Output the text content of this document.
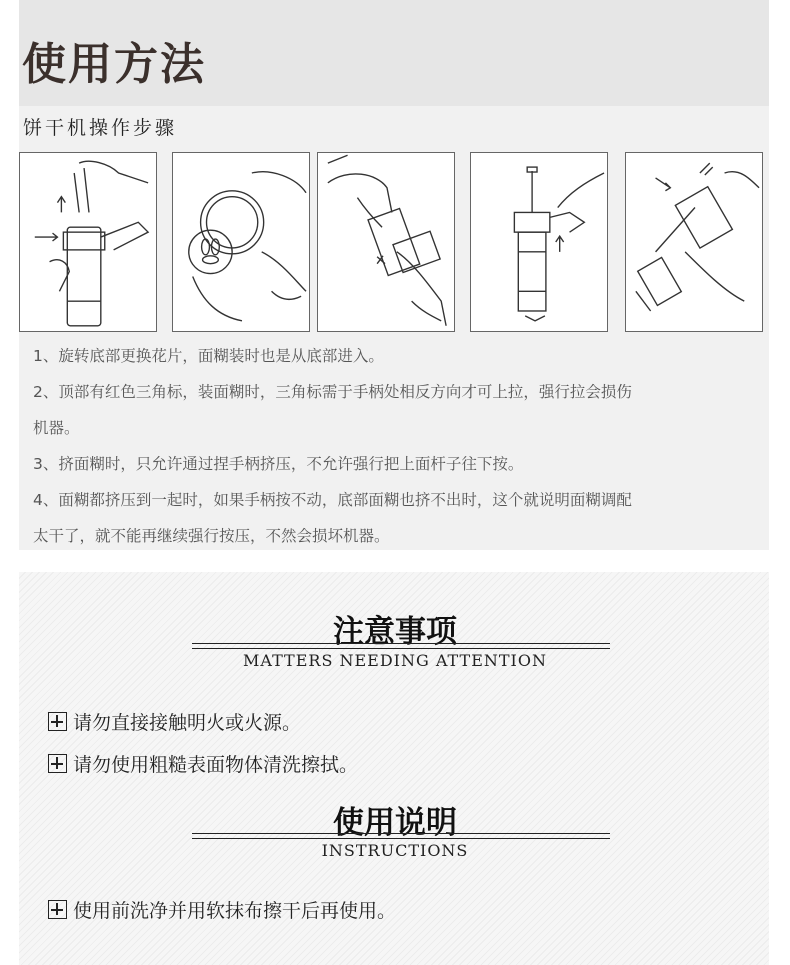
使用方法
饼干机操作步骤

1、旋转底部更换花片，面糊装时也是从底部进入。

2、顶部有红色三角标，装面糊时，三角标需于手柄处相反方向才可上拉，强行拉会损伤

机器。

3、挤面糊时，只允许通过捏手柄挤压，不允许强行把上面杆子往下按。

4、面糊都挤压到一起时，如果手柄按不动，底部面糊也挤不出时，这个就说明面糊调配

太干了，就不能再继续强行按压，不然会损坏机器。

注意事项
MATTERS NEEDING ATTENTION
请勿直接接触明火或火源。
请勿使用粗糙表面物体清洗擦拭。
使用说明
INSTRUCTIONS
使用前洗净并用软抹布擦干后再使用。
